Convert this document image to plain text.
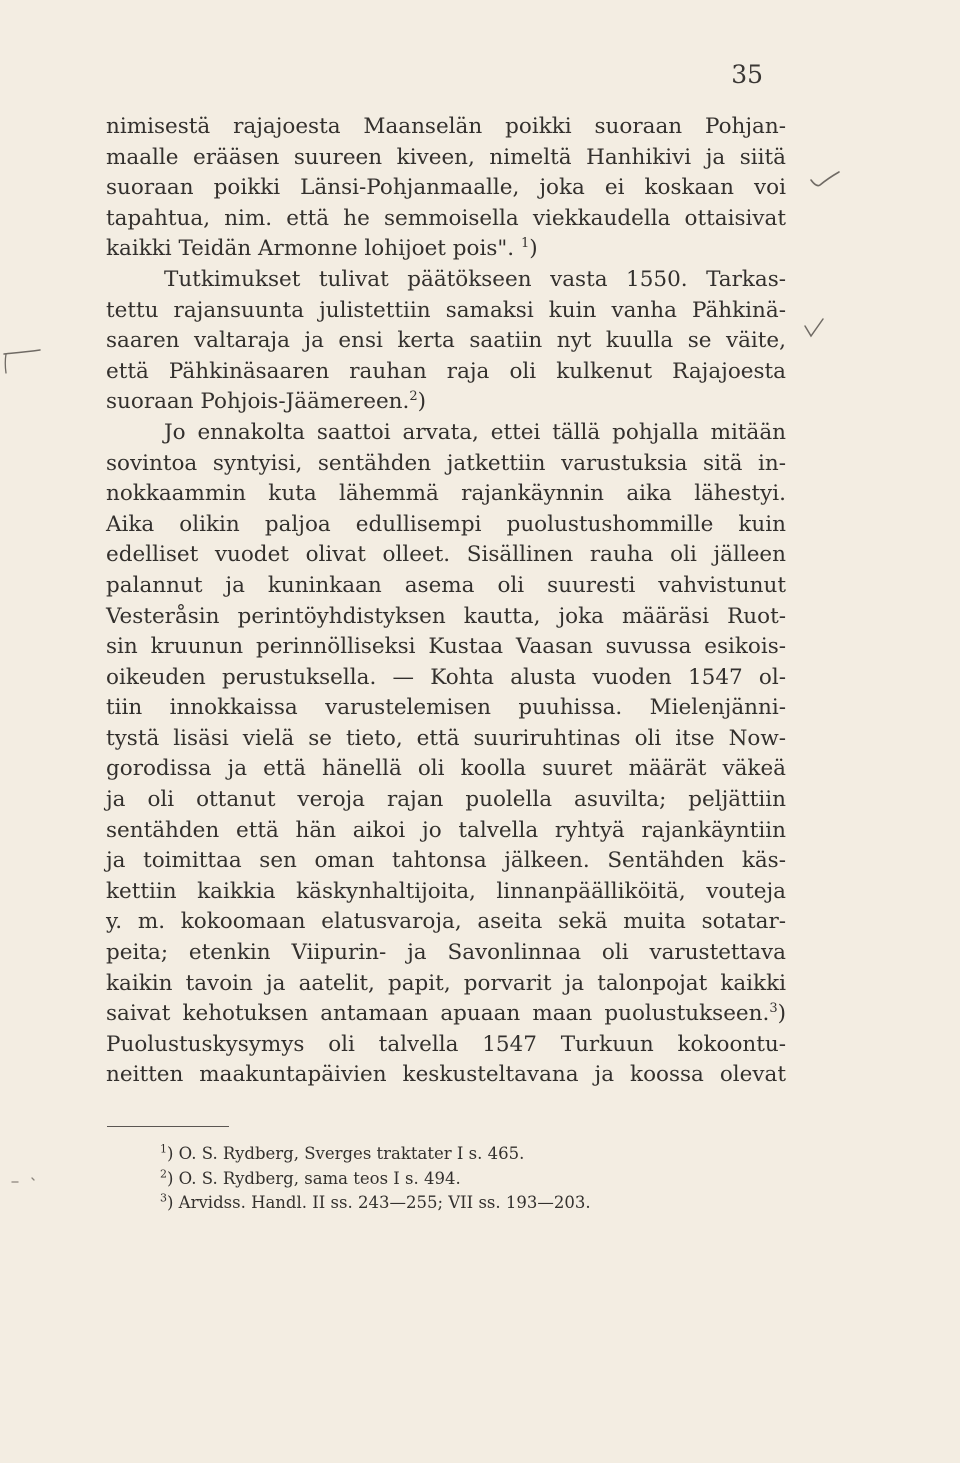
35
nimisestä rajajoesta Maanselän poikki suoraan Pohjan-
maalle erääsen suureen kiveen, nimeltä Hanhikivi ja siitä
suoraan poikki Länsi-Pohjanmaalle, joka ei koskaan voi
tapahtua, nim. että he semmoisella viekkaudella ottaisivat
kaikki Teidän Armonne lohijoet pois". $^1$)
Tutkimukset tulivat päätökseen vasta 1550. Tarkas-
tettu rajansuunta julistettiin samaksi kuin vanha Pähkinä-
saaren valtaraja ja ensi kerta saatiin nyt kuulla se väite,
että Pähkinäsaaren rauhan raja oli kulkenut Rajajoesta
suoraan Pohjois-Jäämereen.$^2$)
Jo ennakolta saattoi arvata, ettei tällä pohjalla mitään
sovintoa syntyisi, sentähden jatkettiin varustuksia sitä in-
nokkaammin kuta lähemmä rajankäynnin aika lähestyi.
Aika olikin paljoa edullisempi puolustushommille kuin
edelliset vuodet olivat olleet. Sisällinen rauha oli jälleen
palannut ja kuninkaan asema oli suuresti vahvistunut
Vesteråsin perintöyhdistyksen kautta, joka määräsi Ruot-
sin kruunun perinnölliseksi Kustaa Vaasan suvussa esikois-
oikeuden perustuksella. — Kohta alusta vuoden 1547 ol-
tiin innokkaissa varustelemisen puuhissa. Mielenjänni-
tystä lisäsi vielä se tieto, että suuriruhtinas oli itse Now-
gorodissa ja että hänellä oli koolla suuret määrät väkeä
ja oli ottanut veroja rajan puolella asuvilta; peljättiin
sentähden että hän aikoi jo talvella ryhtyä rajankäyntiin
ja toimittaa sen oman tahtonsa jälkeen. Sentähden käs-
kettiin kaikkia käskynhaltijoita, linnanpäälliköitä, vouteja
y. m. kokoomaan elatusvaroja, aseita sekä muita sotatar-
peita; etenkin Viipurin- ja Savonlinnaa oli varustettava
kaikin tavoin ja aatelit, papit, porvarit ja talonpojat kaikki
saivat kehotuksen antamaan apuaan maan puolustukseen.$^3$)
Puolustuskysymys oli talvella 1547 Turkuun kokoontu-
neitten maakuntapäivien keskusteltavana ja koossa olevat
$^1$) O. S. Rydberg, Sverges traktater I s. 465.
$^2$) O. S. Rydberg, sama teos I s. 494.
$^3$) Arvidss. Handl. II ss. 243—255; VII ss. 193—203.
